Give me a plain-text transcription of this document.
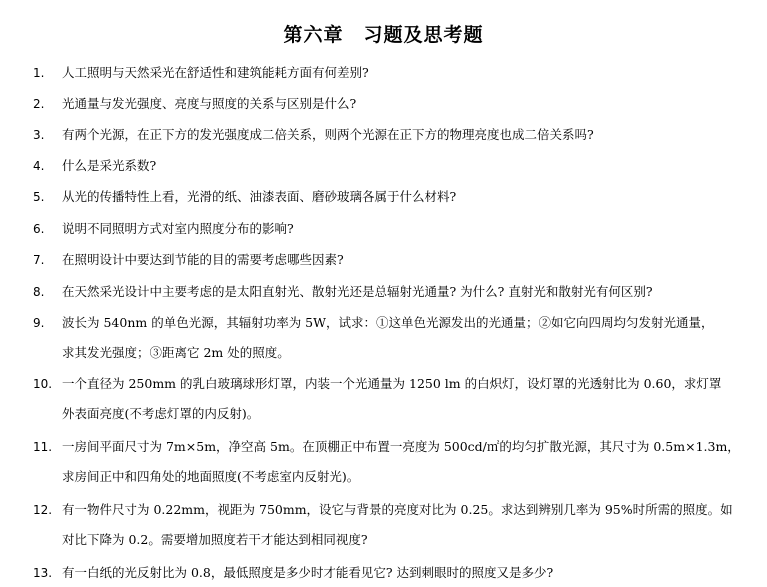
第六章　习题及思考题
1. 人工照明与天然采光在舒适性和建筑能耗方面有何差别?
2. 光通量与发光强度、亮度与照度的关系与区别是什么?
3. 有两个光源，在正下方的发光强度成二倍关系，则两个光源在正下方的物理亮度也成二倍关系吗?
4. 什么是采光系数?
5. 从光的传播特性上看，光滑的纸、油漆表面、磨砂玻璃各属于什么材料?
6. 说明不同照明方式对室内照度分布的影响?
7. 在照明设计中要达到节能的目的需要考虑哪些因素?
8. 在天然采光设计中主要考虑的是太阳直射光、散射光还是总辐射光通量? 为什么? 直射光和散射光有何区别?
9. 波长为 540nm 的单色光源，其辐射功率为 5W，试求：①这单色光源发出的光通量；②如它向四周均匀发射光通量，
求其发光强度；③距离它 2m 处的照度。
10. 一个直径为 250mm 的乳白玻璃球形灯罩，内装一个光通量为 1250 lm 的白炽灯，设灯罩的光透射比为 0.60，求灯罩
外表面亮度(不考虑灯罩的内反射)。
11. 一房间平面尺寸为 7m×5m，净空高 5m。在顶棚正中布置一亮度为 500cd/㎡的均匀扩散光源，其尺寸为 0.5m×1.3m，
求房间正中和四角处的地面照度(不考虑室内反射光)。
12. 有一物件尺寸为 0.22mm，视距为 750mm，设它与背景的亮度对比为 0.25。求达到辨别几率为 95%时所需的照度。如
对比下降为 0.2。需要增加照度若干才能达到相同视度?
13. 有一白纸的光反射比为 0.8，最低照度是多少时才能看见它? 达到刺眼时的照度又是多少?
